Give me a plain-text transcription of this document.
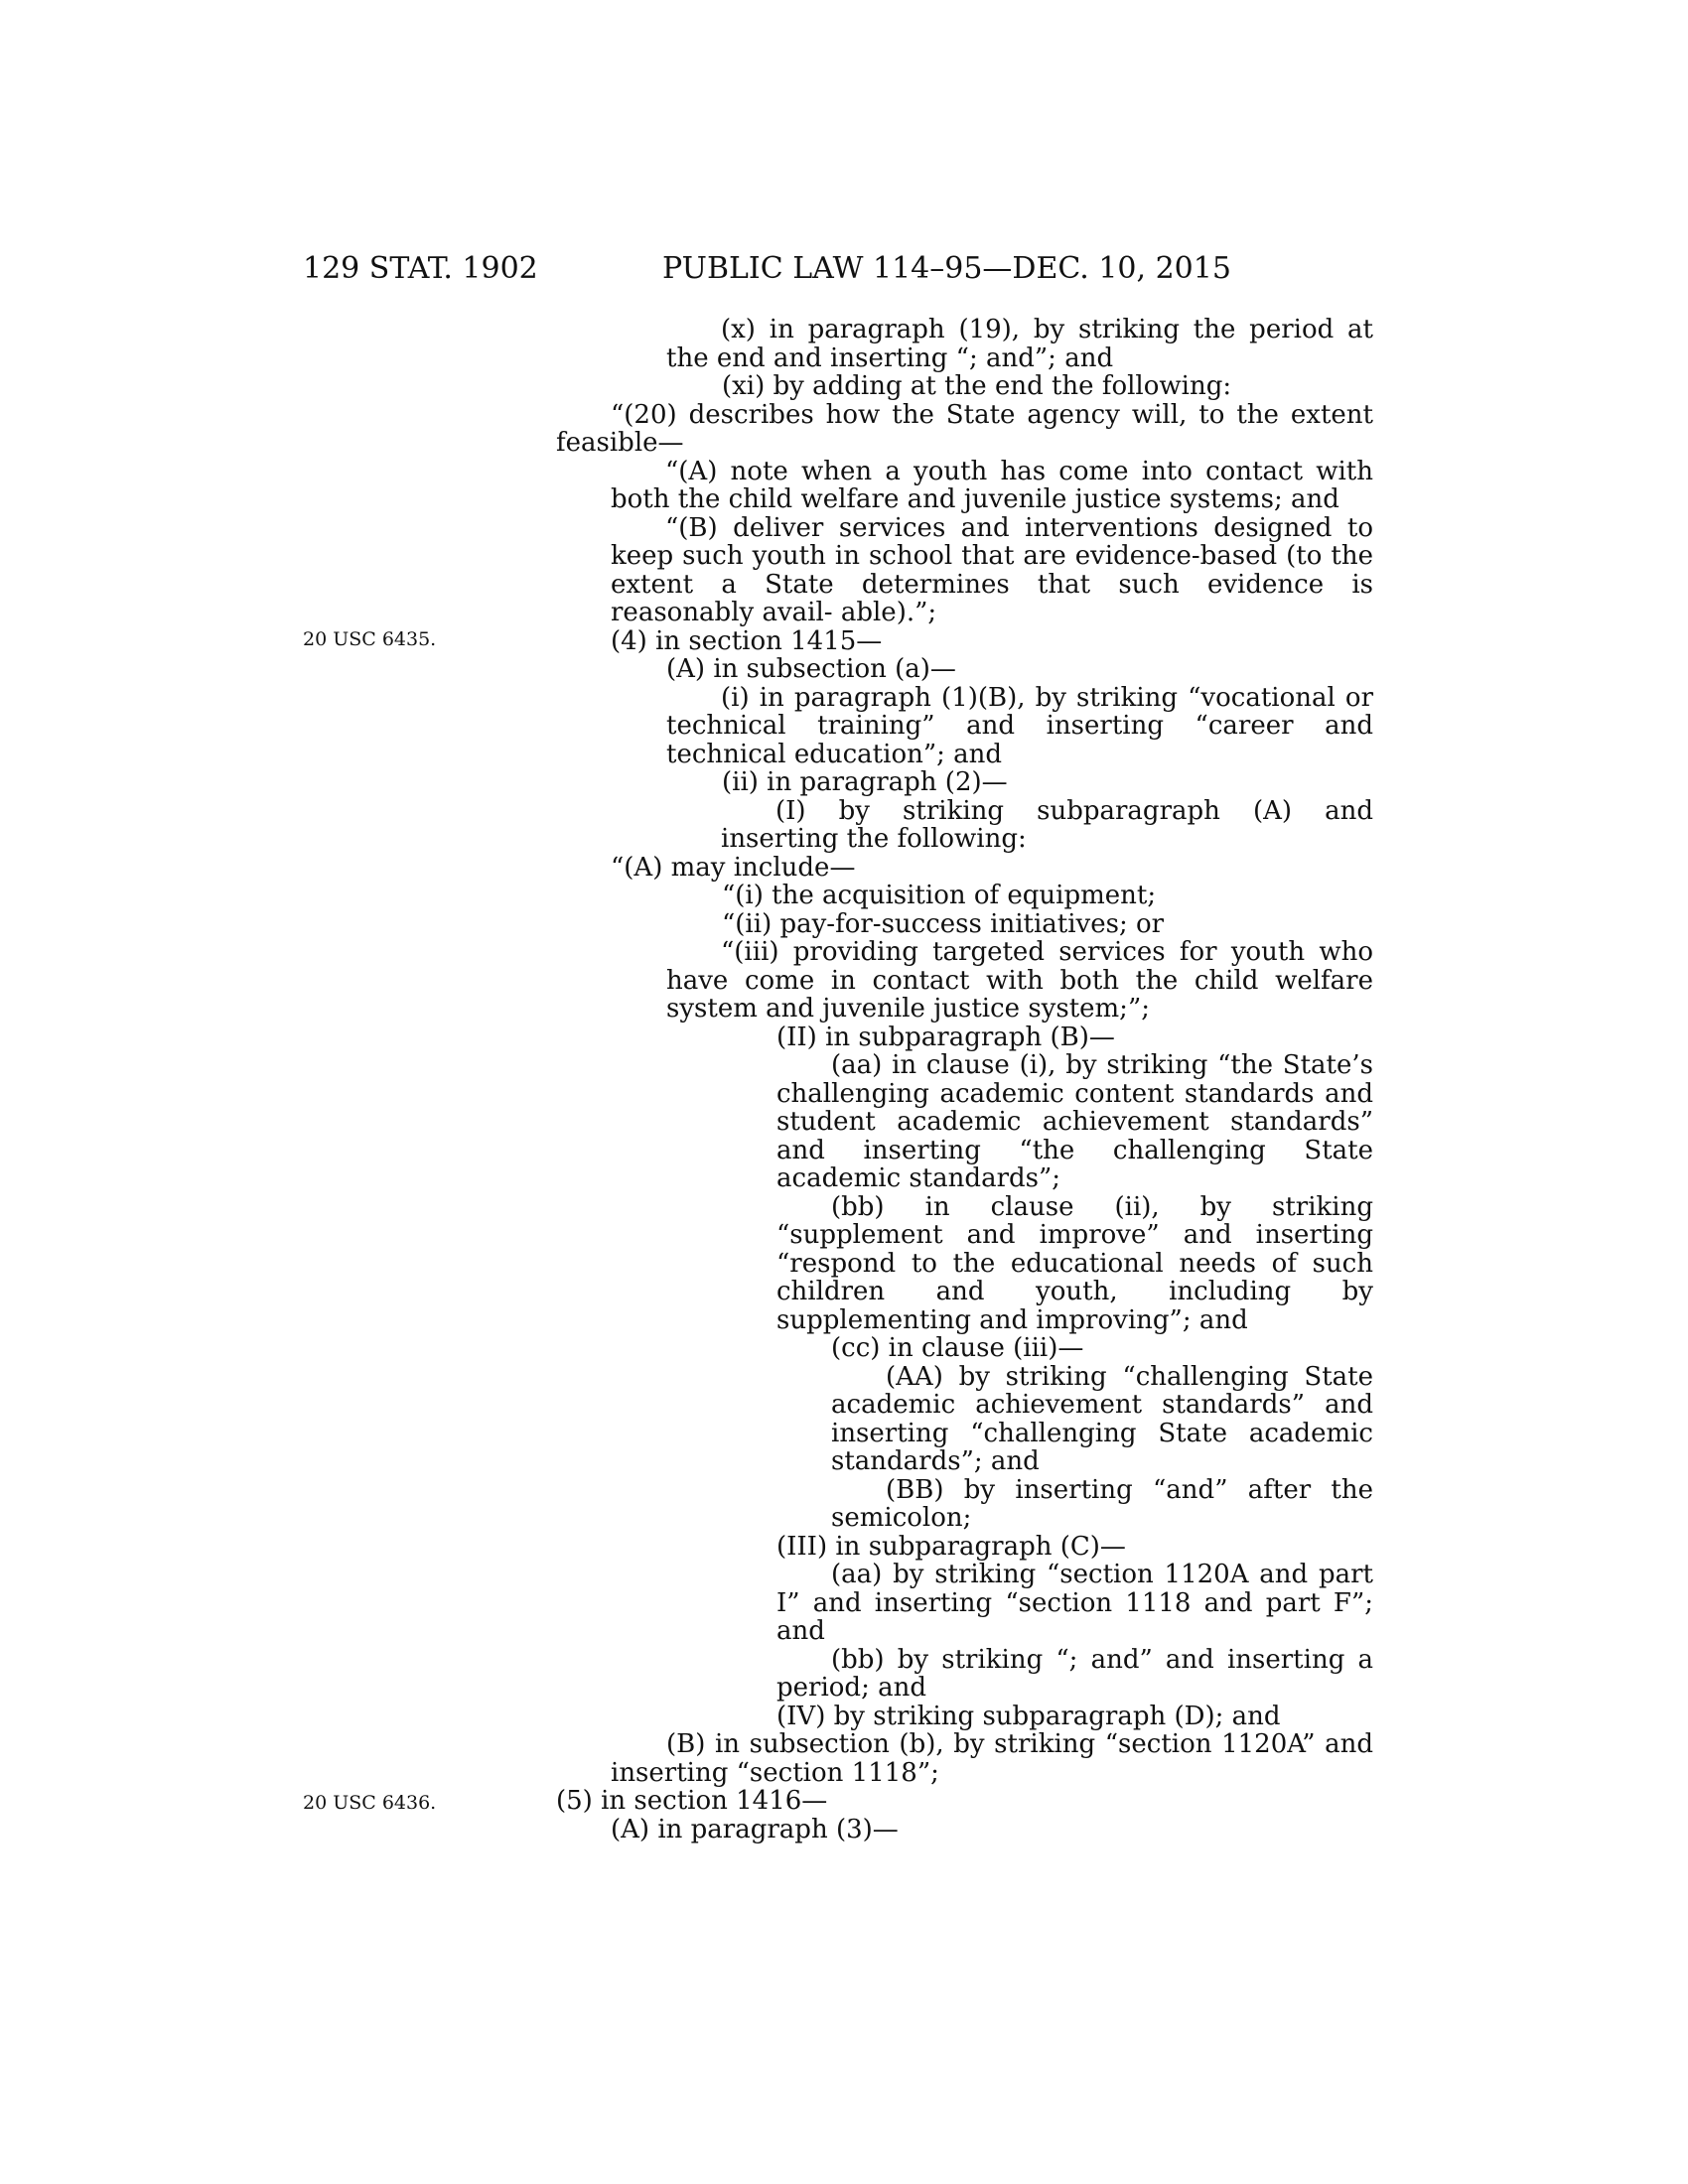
129 STAT. 1902	PUBLIC LAW 114–95—DEC. 10, 2015
20 USC 6435.
20 USC 6436.
(x) in paragraph (19), by striking the period at the end and inserting “; and”; and
(xi) by adding at the end the following:
“(20) describes how the State agency will, to the extent feasible—
“(A) note when a youth has come into contact with both the child welfare and juvenile justice systems; and
“(B) deliver services and interventions designed to keep such youth in school that are evidence-based (to the extent a State determines that such evidence is reasonably avail- able).”;
(4) in section 1415—
(A) in subsection (a)—
(i) in paragraph (1)(B), by striking “vocational or technical training” and inserting “career and technical education”; and
(ii) in paragraph (2)—
(I) by striking subparagraph (A) and inserting the following:
“(A) may include—
“(i) the acquisition of equipment;
“(ii) pay-for-success initiatives; or
“(iii) providing targeted services for youth who have come in contact with both the child welfare system and juvenile justice system;”;
(II) in subparagraph (B)—
(aa) in clause (i), by striking “the State’s challenging academic content standards and student academic achievement standards” and inserting “the challenging State academic standards”;
(bb) in clause (ii), by striking “supplement and improve” and inserting “respond to the educational needs of such children and youth, including by supplementing and improving”; and
(cc) in clause (iii)—
(AA) by striking “challenging State academic achievement standards” and inserting “challenging State academic standards”; and
(BB) by inserting “and” after the semicolon;
(III) in subparagraph (C)—
(aa) by striking “section 1120A and part I” and inserting “section 1118 and part F”; and
(bb) by striking “; and” and inserting a period; and
(IV) by striking subparagraph (D); and
(B) in subsection (b), by striking “section 1120A” and inserting “section 1118”;
(5) in section 1416—
(A) in paragraph (3)—
